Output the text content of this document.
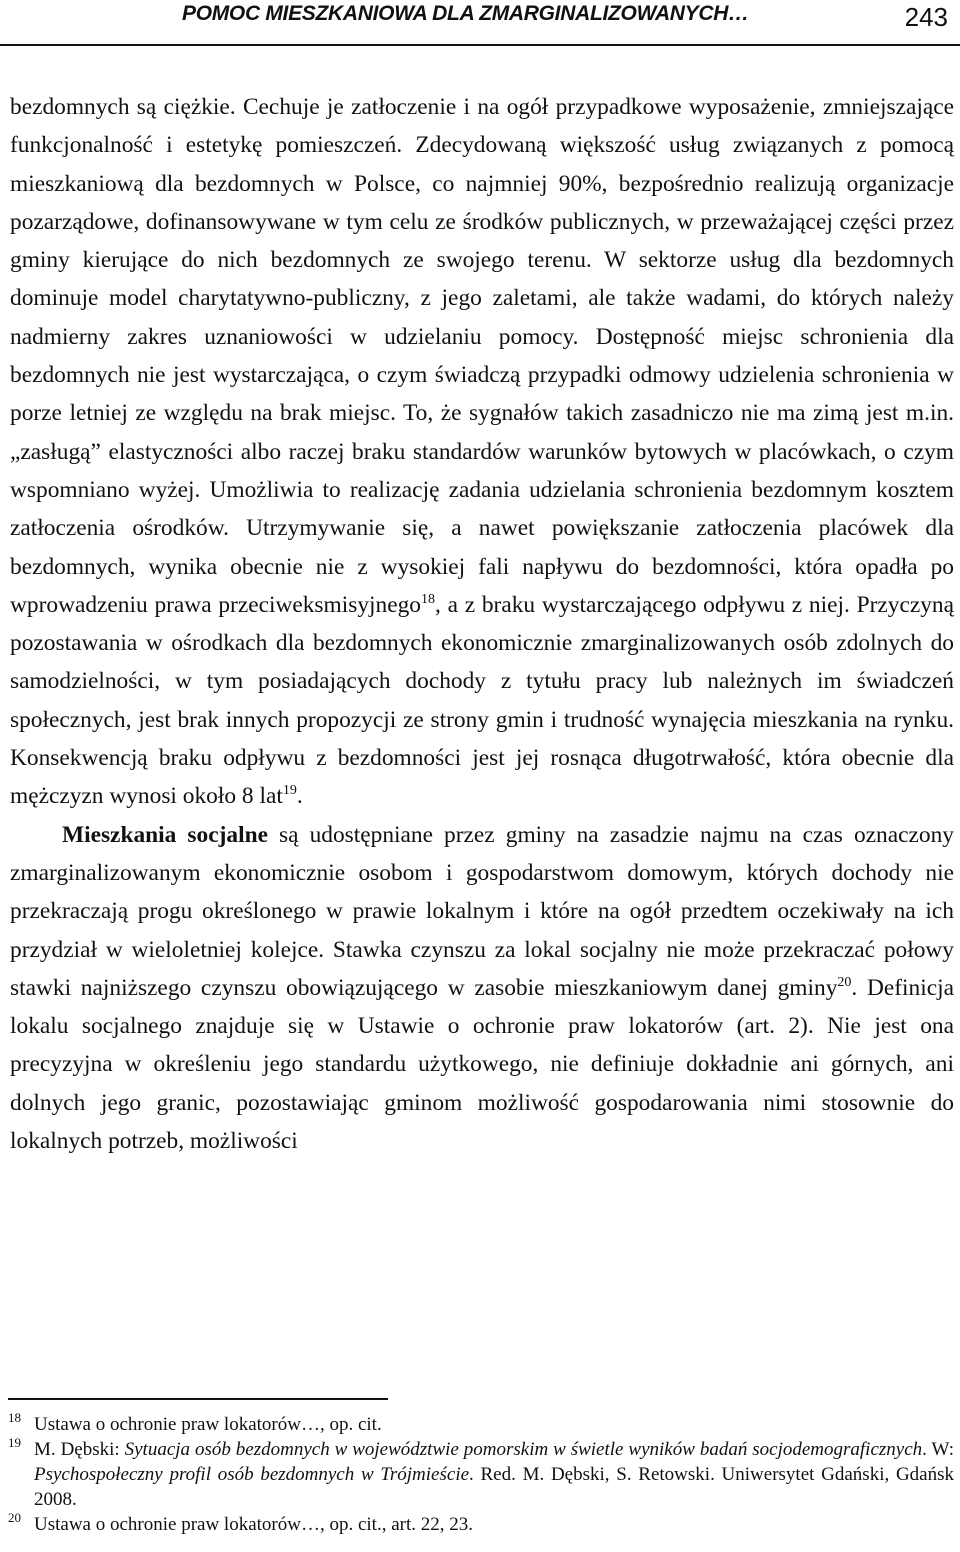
POMOC MIESZKANIOWA DLA ZMARGINALIZOWANYCH…	243

bezdomnych są ciężkie. Cechuje je zatłoczenie i na ogół przypadkowe wyposażenie, zmniejszające funkcjonalność i estetykę pomieszczeń. Zdecydowaną większość usług związanych z pomocą mieszkaniową dla bezdomnych w Polsce, co najmniej 90%, bezpośrednio realizują organizacje pozarządowe, dofinansowywane w tym celu ze środków publicznych, w przeważającej części przez gminy kierujące do nich bezdomnych ze swojego terenu. W sektorze usług dla bezdomnych dominuje model charytatywno-publiczny, z jego zaletami, ale także wadami, do których należy nadmierny zakres uznaniowości w udzielaniu pomocy. Dostępność miejsc schronienia dla bezdomnych nie jest wystarczająca, o czym świadczą przypadki odmowy udzielenia schronienia w porze letniej ze względu na brak miejsc. To, że sygnałów takich zasadniczo nie ma zimą jest m.in. „zasługą” elastyczności albo raczej braku standardów warunków bytowych w placówkach, o czym wspomniano wyżej. Umożliwia to realizację zadania udzielania schronienia bezdomnym kosztem zatłoczenia ośrodków. Utrzymywanie się, a nawet powiększanie zatłoczenia placówek dla bezdomnych, wynika obecnie nie z wysokiej fali napływu do bezdomności, która opadła po wprowadzeniu prawa przeciweksmisyjnego$^{18}$, a z braku wystarczającego odpływu z niej. Przyczyną pozostawania w ośrodkach dla bezdomnych ekonomicznie zmarginalizowanych osób zdolnych do samodzielności, w tym posiadających dochody z tytułu pracy lub należnych im świadczeń społecznych, jest brak innych propozycji ze strony gmin i trudność wynajęcia mieszkania na rynku. Konsekwencją braku odpływu z bezdomności jest jej rosnąca długotrwałość, która obecnie dla mężczyzn wynosi około 8 lat$^{19}$.

Mieszkania socjalne są udostępniane przez gminy na zasadzie najmu na czas oznaczony zmarginalizowanym ekonomicznie osobom i gospodarstwom domowym, których dochody nie przekraczają progu określonego w prawie lokalnym i które na ogół przedtem oczekiwały na ich przydział w wieloletniej kolejce. Stawka czynszu za lokal socjalny nie może przekraczać połowy stawki najniższego czynszu obowiązującego w zasobie mieszkaniowym danej gminy$^{20}$. Definicja lokalu socjalnego znajduje się w Ustawie o ochronie praw lokatorów (art. 2). Nie jest ona precyzyjna w określeniu jego standardu użytkowego, nie definiuje dokładnie ani górnych, ani dolnych jego granic, pozostawiając gminom możliwość gospodarowania nimi stosownie do lokalnych potrzeb, możliwości

18 Ustawa o ochronie praw lokatorów…, op. cit.
19 M. Dębski: Sytuacja osób bezdomnych w województwie pomorskim w świetle wyników badań socjodemograficznych. W: Psychospołeczny profil osób bezdomnych w Trójmieście. Red. M. Dębski, S. Retowski. Uniwersytet Gdański, Gdańsk 2008.
20 Ustawa o ochronie praw lokatorów…, op. cit., art. 22, 23.
